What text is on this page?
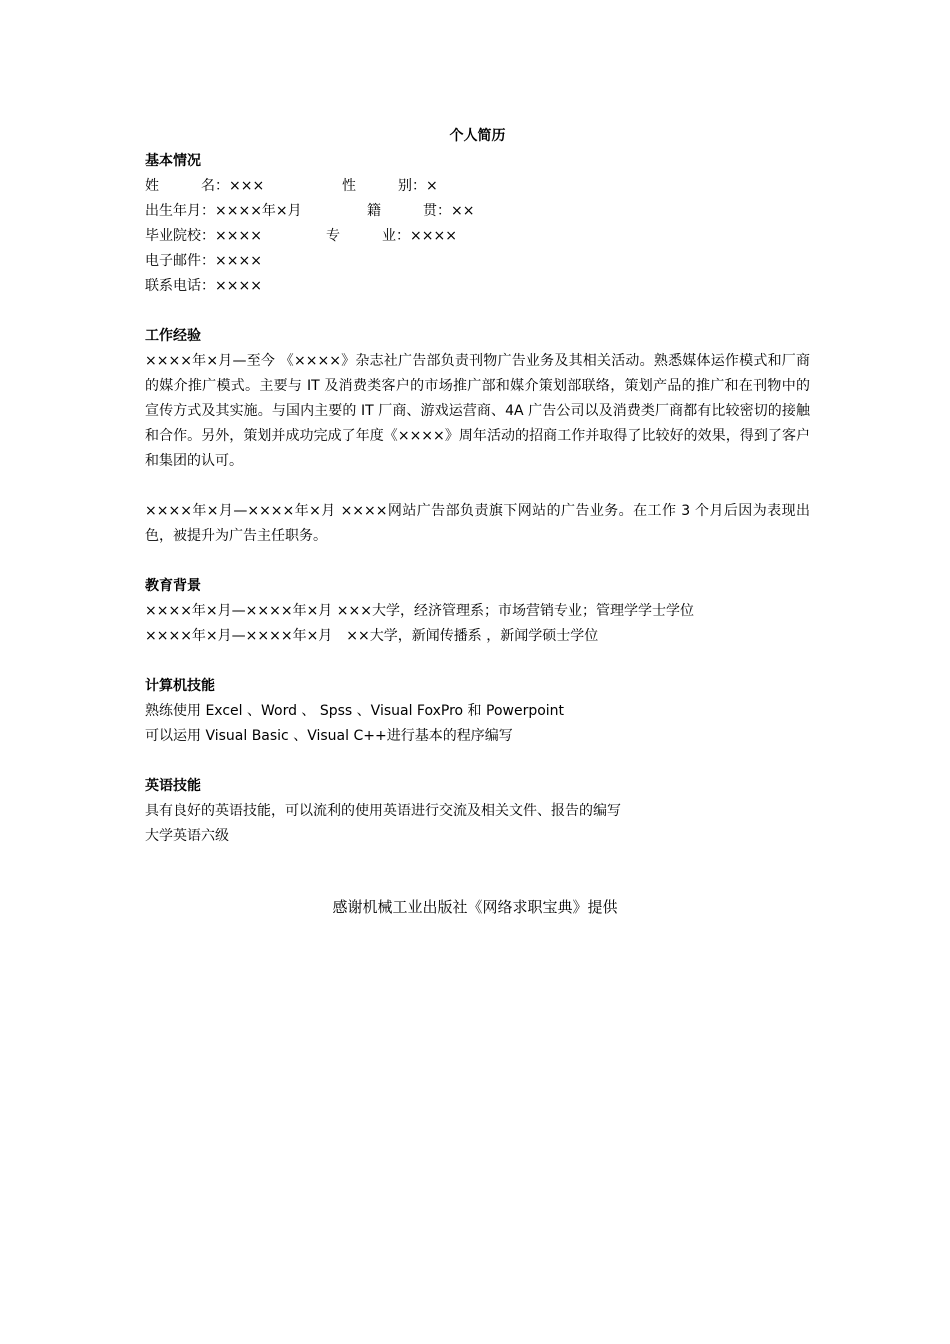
个人简历
基本情况
姓　　　名：×××	性　　　别：×
出生年月：××××年×月	籍　　　贯：××
毕业院校：××××	专　　　业：××××
电子邮件：××××
联系电话：××××
工作经验
××××年×月—至今 《××××》杂志社广告部负责刊物广告业务及其相关活动。熟悉媒体运作模式和厂商的媒介推广模式。主要与 IT 及消费类客户的市场推广部和媒介策划部联络，策划产品的推广和在刊物中的宣传方式及其实施。与国内主要的 IT 厂商、游戏运营商、4A 广告公司以及消费类厂商都有比较密切的接触和合作。另外，策划并成功完成了年度《××××》周年活动的招商工作并取得了比较好的效果，得到了客户和集团的认可。
××××年×月—××××年×月 ××××网站广告部负责旗下网站的广告业务。在工作 3 个月后因为表现出色，被提升为广告主任职务。
教育背景
××××年×月—××××年×月 ×××大学，经济管理系；市场营销专业；管理学学士学位
××××年×月—××××年×月　××大学，新闻传播系 ，新闻学硕士学位
计算机技能
熟练使用 Excel 、Word 、 Spss 、Visual FoxPro 和 Powerpoint
可以运用 Visual Basic 、Visual C++进行基本的程序编写
英语技能
具有良好的英语技能，可以流利的使用英语进行交流及相关文件、报告的编写
大学英语六级
感谢机械工业出版社《网络求职宝典》提供
